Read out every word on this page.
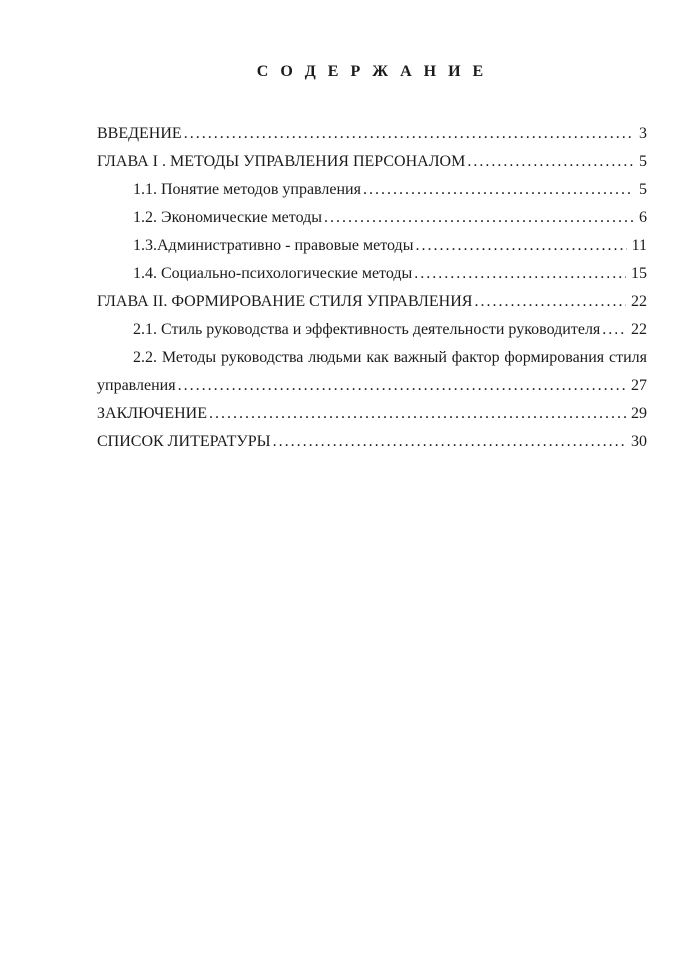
С О Д Е Р Ж А Н И Е
ВВЕДЕНИЕ . . .	3
ГЛАВА I . МЕТОДЫ УПРАВЛЕНИЯ ПЕРСОНАЛОМ . . .	5
1.1. Понятие методов управления . . .	5
1.2. Экономические методы . . .	6
1.3.Административно - правовые методы . . .	11
1.4. Социально-психологические методы . . .	15
ГЛАВА II. ФОРМИРОВАНИЕ СТИЛЯ УПРАВЛЕНИЯ . . .	22
2.1. Стиль руководства и эффективность деятельности руководителя . . .	22
2.2. Методы руководства людьми как важный фактор формирования стиля
управления . . .	27
ЗАКЛЮЧЕНИЕ . . .	29
СПИСОК ЛИТЕРАТУРЫ . . .	30
